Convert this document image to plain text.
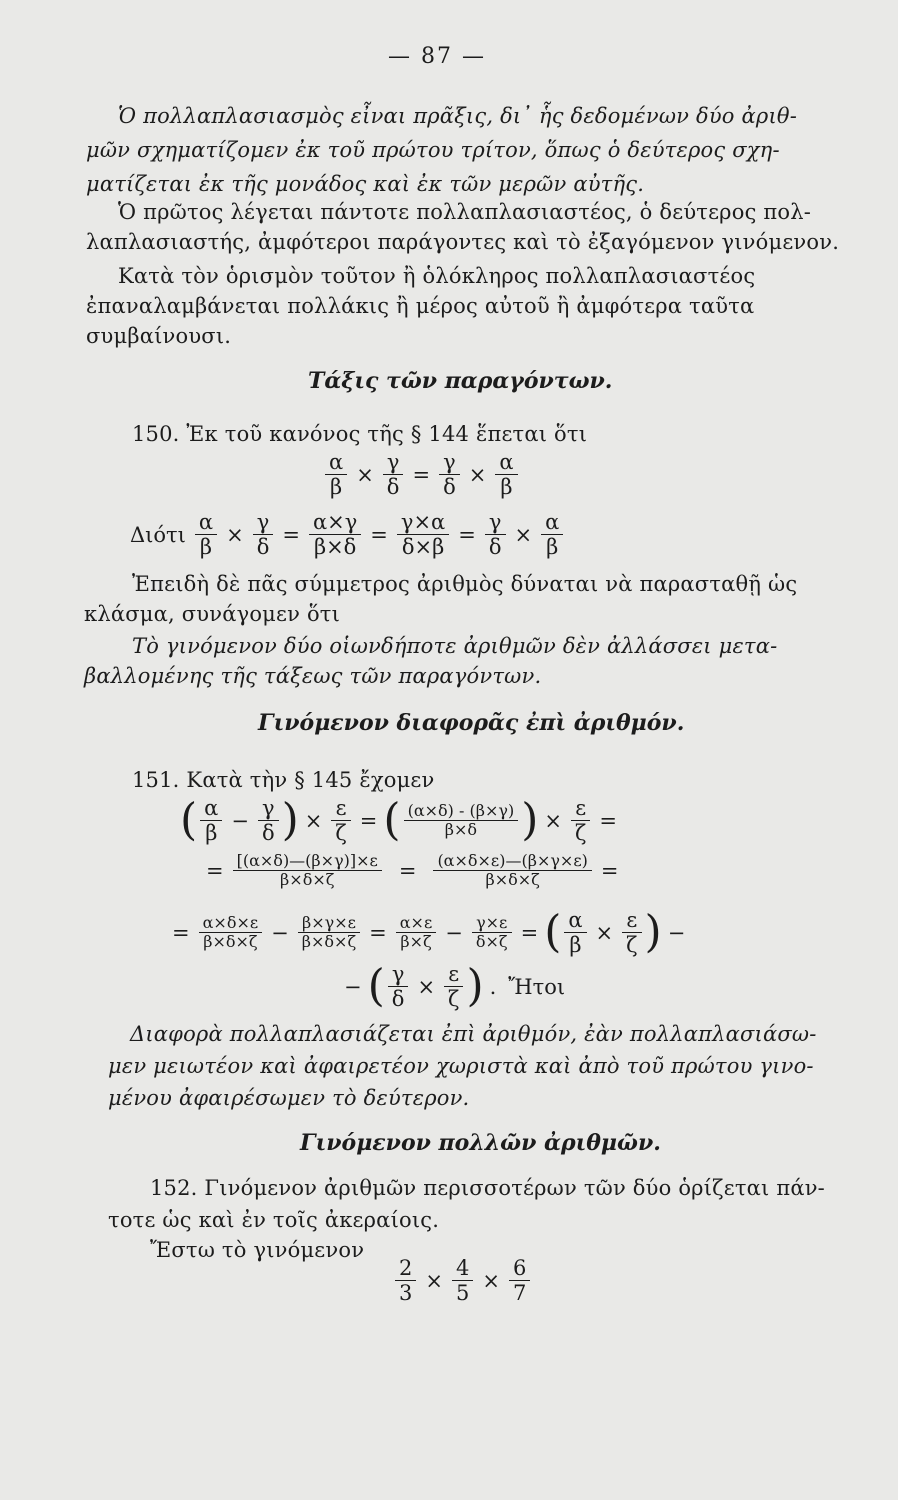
— 87 —
Ὁ πολλαπλασιασμὸς εἶναι πρᾶξις, δι᾽ ἧς δεδομένων δύο ἀριθ-
μῶν σχηματίζομεν ἐκ τοῦ πρώτου τρίτον, ὅπως ὁ δεύτερος σχη-
ματίζεται ἐκ τῆς μονάδος καὶ ἐκ τῶν μερῶν αὐτῆς.
Ὁ πρῶτος λέγεται πάντοτε πολλαπλασιαστέος, ὁ δεύτερος πολ-
λαπλασιαστής, ἀμφότεροι παράγοντες καὶ τὸ ἐξαγόμενον γινόμενον.
Κατὰ τὸν ὁρισμὸν τοῦτον ἢ ὁλόκληρος πολλαπλασιαστέος
ἐπαναλαμβάνεται πολλάκις ἢ μέρος αὐτοῦ ἢ ἀμφότερα ταῦτα
συμβαίνουσι.
Τάξις τῶν παραγόντων.
150. Ἐκ τοῦ κανόνος τῆς § 144 ἕπεται ὅτι
$\frac{\alpha}{\beta} \times \frac{\gamma}{\delta} = \frac{\gamma}{\delta} \times \frac{\alpha}{\beta}$
Διότι $\frac{\alpha}{\beta} \times \frac{\gamma}{\delta} = \frac{\alpha\times\gamma}{\beta\times\delta} = \frac{\gamma\times\alpha}{\delta\times\beta} = \frac{\gamma}{\delta} \times \frac{\alpha}{\beta}$
Ἐπειδὴ δὲ πᾶς σύμμετρος ἀριθμὸς δύναται νὰ παρασταθῇ ὡς
κλάσμα, συνάγομεν ὅτι
Τὸ γινόμενον δύο οἱωνδήποτε ἀριθμῶν δὲν ἀλλάσσει μετα-
βαλλομένης τῆς τάξεως τῶν παραγόντων.
Γινόμενον διαφορᾶς ἐπὶ ἀριθμόν.
151. Κατὰ τὴν § 145 ἔχομεν
( $\frac{\alpha}{\beta} - \frac{\gamma}{\delta}$ ) × $\frac{\varepsilon}{\zeta}$ = ( $\frac{(\alpha\times\delta) - (\beta\times\gamma)}{\beta\times\delta}$ ) × $\frac{\varepsilon}{\zeta}$ =
= $\frac{[(\alpha\times\delta)—(\beta\times\gamma)]\times\varepsilon}{\beta\times\delta\times\zeta} = \frac{(\alpha\times\delta\times\varepsilon)—(\beta\times\gamma\times\varepsilon)}{\beta\times\delta\times\zeta}$ =
= $\frac{\alpha\times\delta\times\varepsilon}{\beta\times\delta\times\zeta} - \frac{\beta\times\gamma\times\varepsilon}{\beta\times\delta\times\zeta} = \frac{\alpha\times\varepsilon}{\beta\times\zeta} - \frac{\gamma\times\varepsilon}{\delta\times\zeta}$ = ( $\frac{\alpha}{\beta} \times \frac{\varepsilon}{\zeta}$ ) −
− ( $\frac{\gamma}{\delta} \times \frac{\varepsilon}{\zeta}$ ) . Ἤτοι
Διαφορὰ πολλαπλασιάζεται ἐπὶ ἀριθμόν, ἐὰν πολλαπλασιάσω-
μεν μειωτέον καὶ ἀφαιρετέον χωριστὰ καὶ ἀπὸ τοῦ πρώτου γινο-
μένου ἀφαιρέσωμεν τὸ δεύτερον.
Γινόμενον πολλῶν ἀριθμῶν.
152. Γινόμενον ἀριθμῶν περισσοτέρων τῶν δύο ὁρίζεται πάν-
τοτε ὡς καὶ ἐν τοῖς ἀκεραίοις.
Ἔστω τὸ γινόμενον
$\frac{2}{3} \times \frac{4}{5} \times \frac{6}{7}$
